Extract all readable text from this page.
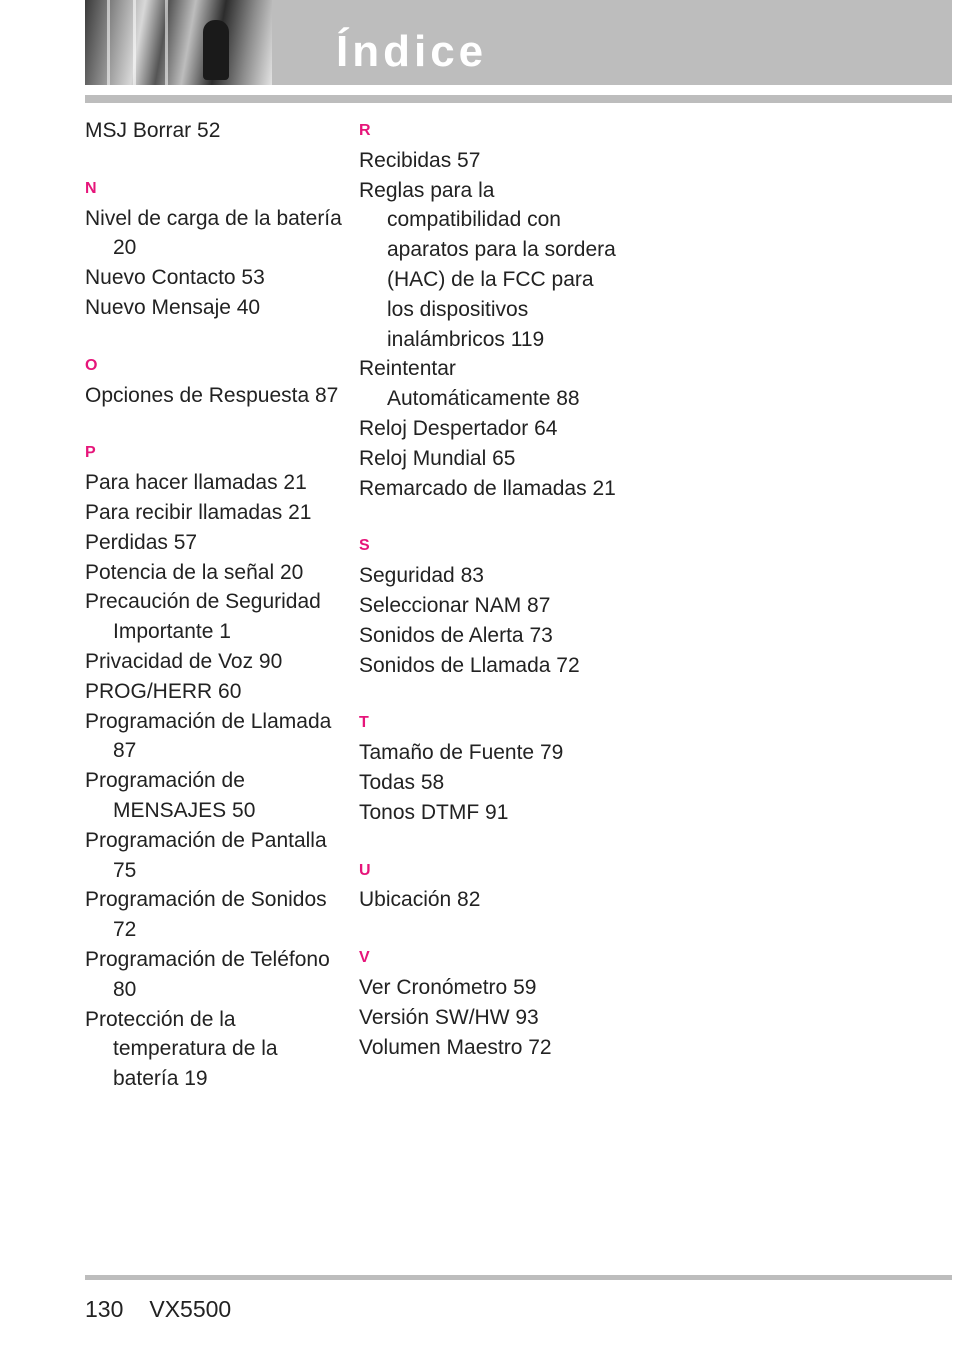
Índice
MSJ Borrar 52
N
Nivel de carga de la batería 20
Nuevo Contacto 53
Nuevo Mensaje 40
O
Opciones de Respuesta 87
P
Para hacer llamadas 21
Para recibir llamadas 21
Perdidas 57
Potencia de la señal 20
Precaución de Seguridad Importante 1
Privacidad de Voz 90
PROG/HERR 60
Programación de Llamada 87
Programación de MENSAJES 50
Programación de Pantalla 75
Programación de Sonidos 72
Programación de Teléfono 80
Protección de la temperatura de la batería 19
R
Recibidas 57
Reglas para la compatibilidad con aparatos para la sordera (HAC) de la FCC para los dispositivos inalámbricos 119
Reintentar Automáticamente 88
Reloj Despertador 64
Reloj Mundial 65
Remarcado de llamadas 21
S
Seguridad 83
Seleccionar NAM 87
Sonidos de Alerta 73
Sonidos de Llamada 72
T
Tamaño de Fuente 79
Todas 58
Tonos DTMF 91
U
Ubicación 82
V
Ver Cronómetro 59
Versión SW/HW 93
Volumen Maestro 72
130 VX5500
